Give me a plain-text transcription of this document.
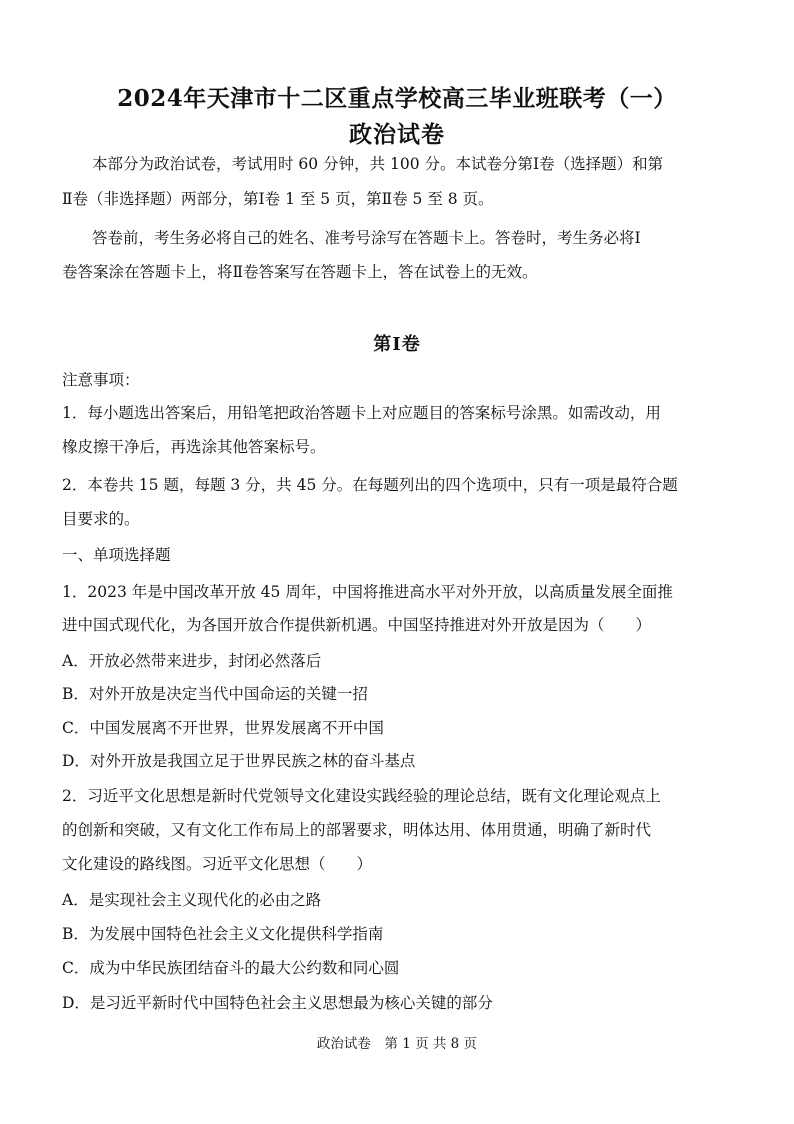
2024年天津市十二区重点学校高三毕业班联考（一）
政治试卷
本部分为政治试卷，考试用时 60 分钟，共 100 分。本试卷分第Ⅰ卷（选择题）和第
Ⅱ卷（非选择题）两部分，第Ⅰ卷 1 至 5 页，第Ⅱ卷 5 至 8 页。
答卷前，考生务必将自己的姓名、准考号涂写在答题卡上。答卷时，考生务必将Ⅰ
卷答案涂在答题卡上，将Ⅱ卷答案写在答题卡上，答在试卷上的无效。
第Ⅰ卷
注意事项：
1．每小题选出答案后，用铅笔把政治答题卡上对应题目的答案标号涂黑。如需改动，用
橡皮擦干净后，再选涂其他答案标号。
2．本卷共 15 题，每题 3 分，共 45 分。在每题列出的四个选项中，只有一项是最符合题
目要求的。
一、单项选择题
1．2023 年是中国改革开放 45 周年，中国将推进高水平对外开放，以高质量发展全面推
进中国式现代化，为各国开放合作提供新机遇。中国坚持推进对外开放是因为（　　）
A．开放必然带来进步，封闭必然落后
B．对外开放是决定当代中国命运的关键一招
C．中国发展离不开世界，世界发展离不开中国
D．对外开放是我国立足于世界民族之林的奋斗基点
2．习近平文化思想是新时代党领导文化建设实践经验的理论总结，既有文化理论观点上
的创新和突破，又有文化工作布局上的部署要求，明体达用、体用贯通，明确了新时代
文化建设的路线图。习近平文化思想（　　）
A．是实现社会主义现代化的必由之路
B．为发展中国特色社会主义文化提供科学指南
C．成为中华民族团结奋斗的最大公约数和同心圆
D．是习近平新时代中国特色社会主义思想最为核心关键的部分
政治试卷　第 1 页 共 8 页
